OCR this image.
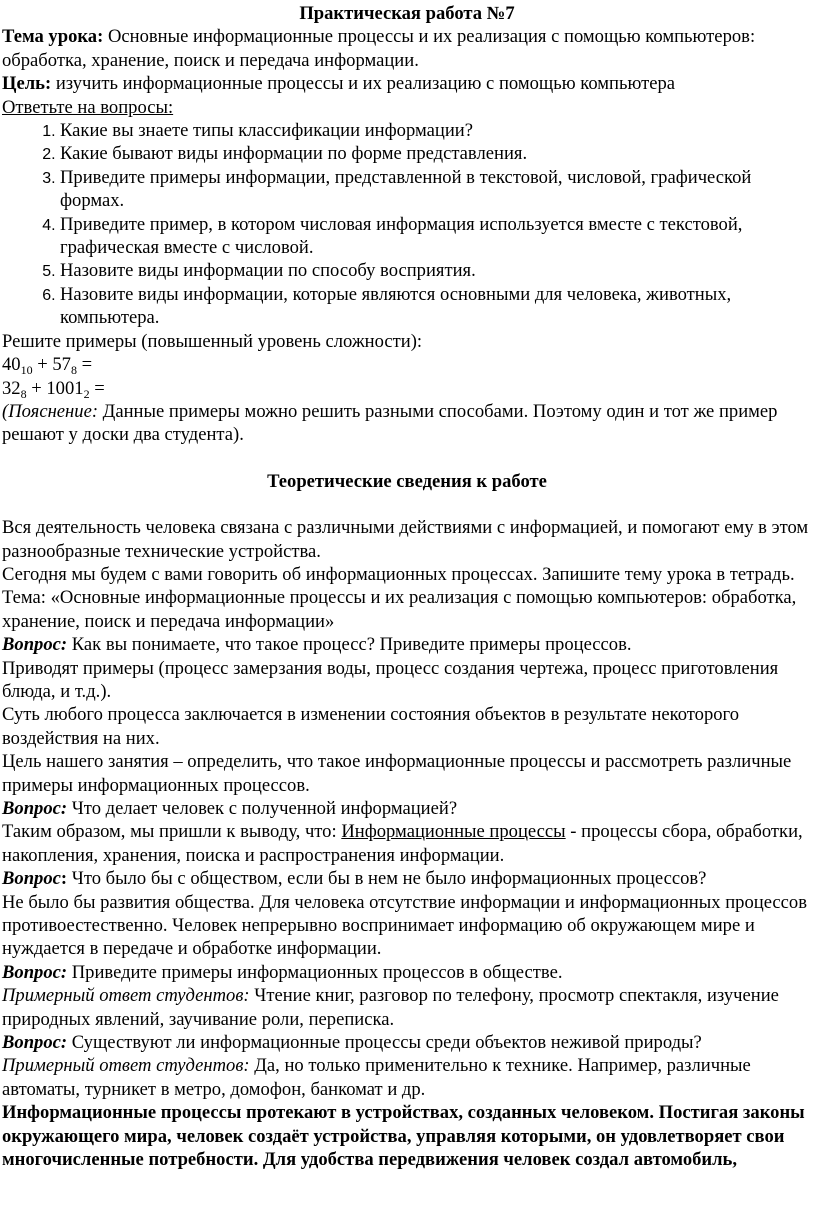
Практическая работа №7

Тема урока: Основные информационные процессы и их реализация с помощью компьютеров: обработка, хранение, поиск и передача информации.

Цель: изучить информационные процессы и их реализацию с помощью компьютера

Ответьте на вопросы:

1. Какие вы знаете типы классификации информации?
2. Какие бывают виды информации по форме представления.
3. Приведите примеры информации, представленной в текстовой, числовой, графической формах.
4. Приведите пример, в котором числовая информация используется вместе с текстовой, графическая вместе с числовой.
5. Назовите виды информации по способу восприятия.
6. Назовите виды информации, которые являются основными для человека, животных, компьютера.

Решите примеры (повышенный уровень сложности):

$40_{10} + 57_8$ =

$32_8 + 1001_2$ =

(Пояснение: Данные примеры можно решить разными способами. Поэтому один и тот же пример решают у доски два студента).

Теоретические сведения к работе

Вся деятельность человека связана с различными действиями с информацией, и помогают ему в этом разнообразные технические устройства.

Сегодня мы будем с вами говорить об информационных процессах. Запишите тему урока в тетрадь. Тема: «Основные информационные процессы и их реализация с помощью компьютеров: обработка, хранение, поиск и передача информации»

Вопрос: Как вы понимаете, что такое процесс? Приведите примеры процессов.

Приводят примеры (процесс замерзания воды, процесс создания чертежа, процесс приготовления блюда, и т.д.).

Суть любого процесса заключается в изменении состояния объектов в результате некоторого воздействия на них.

Цель нашего занятия – определить, что такое информационные процессы и рассмотреть различные примеры информационных процессов.

Вопрос: Что делает человек с полученной информацией?

Таким образом, мы пришли к выводу, что: Информационные процессы - процессы сбора, обработки, накопления, хранения, поиска и распространения информации.

Вопрос: Что было бы с обществом, если бы в нем не было информационных процессов?

Не было бы развития общества. Для человека отсутствие информации и информационных процессов противоестественно. Человек непрерывно воспринимает информацию об окружающем мире и нуждается в передаче и обработке информации.

Вопрос: Приведите примеры информационных процессов в обществе.

Примерный ответ студентов: Чтение книг, разговор по телефону, просмотр спектакля, изучение природных явлений, заучивание роли, переписка.

Вопрос: Существуют ли информационные процессы среди объектов неживой природы?

Примерный ответ студентов: Да, но только применительно к технике. Например, различные автоматы, турникет в метро, домофон, банкомат и др.

Информационные процессы протекают в устройствах, созданных человеком. Постигая законы окружающего мира, человек создаёт устройства, управляя которыми, он удовлетворяет свои многочисленные потребности. Для удобства передвижения человек создал автомобиль,
